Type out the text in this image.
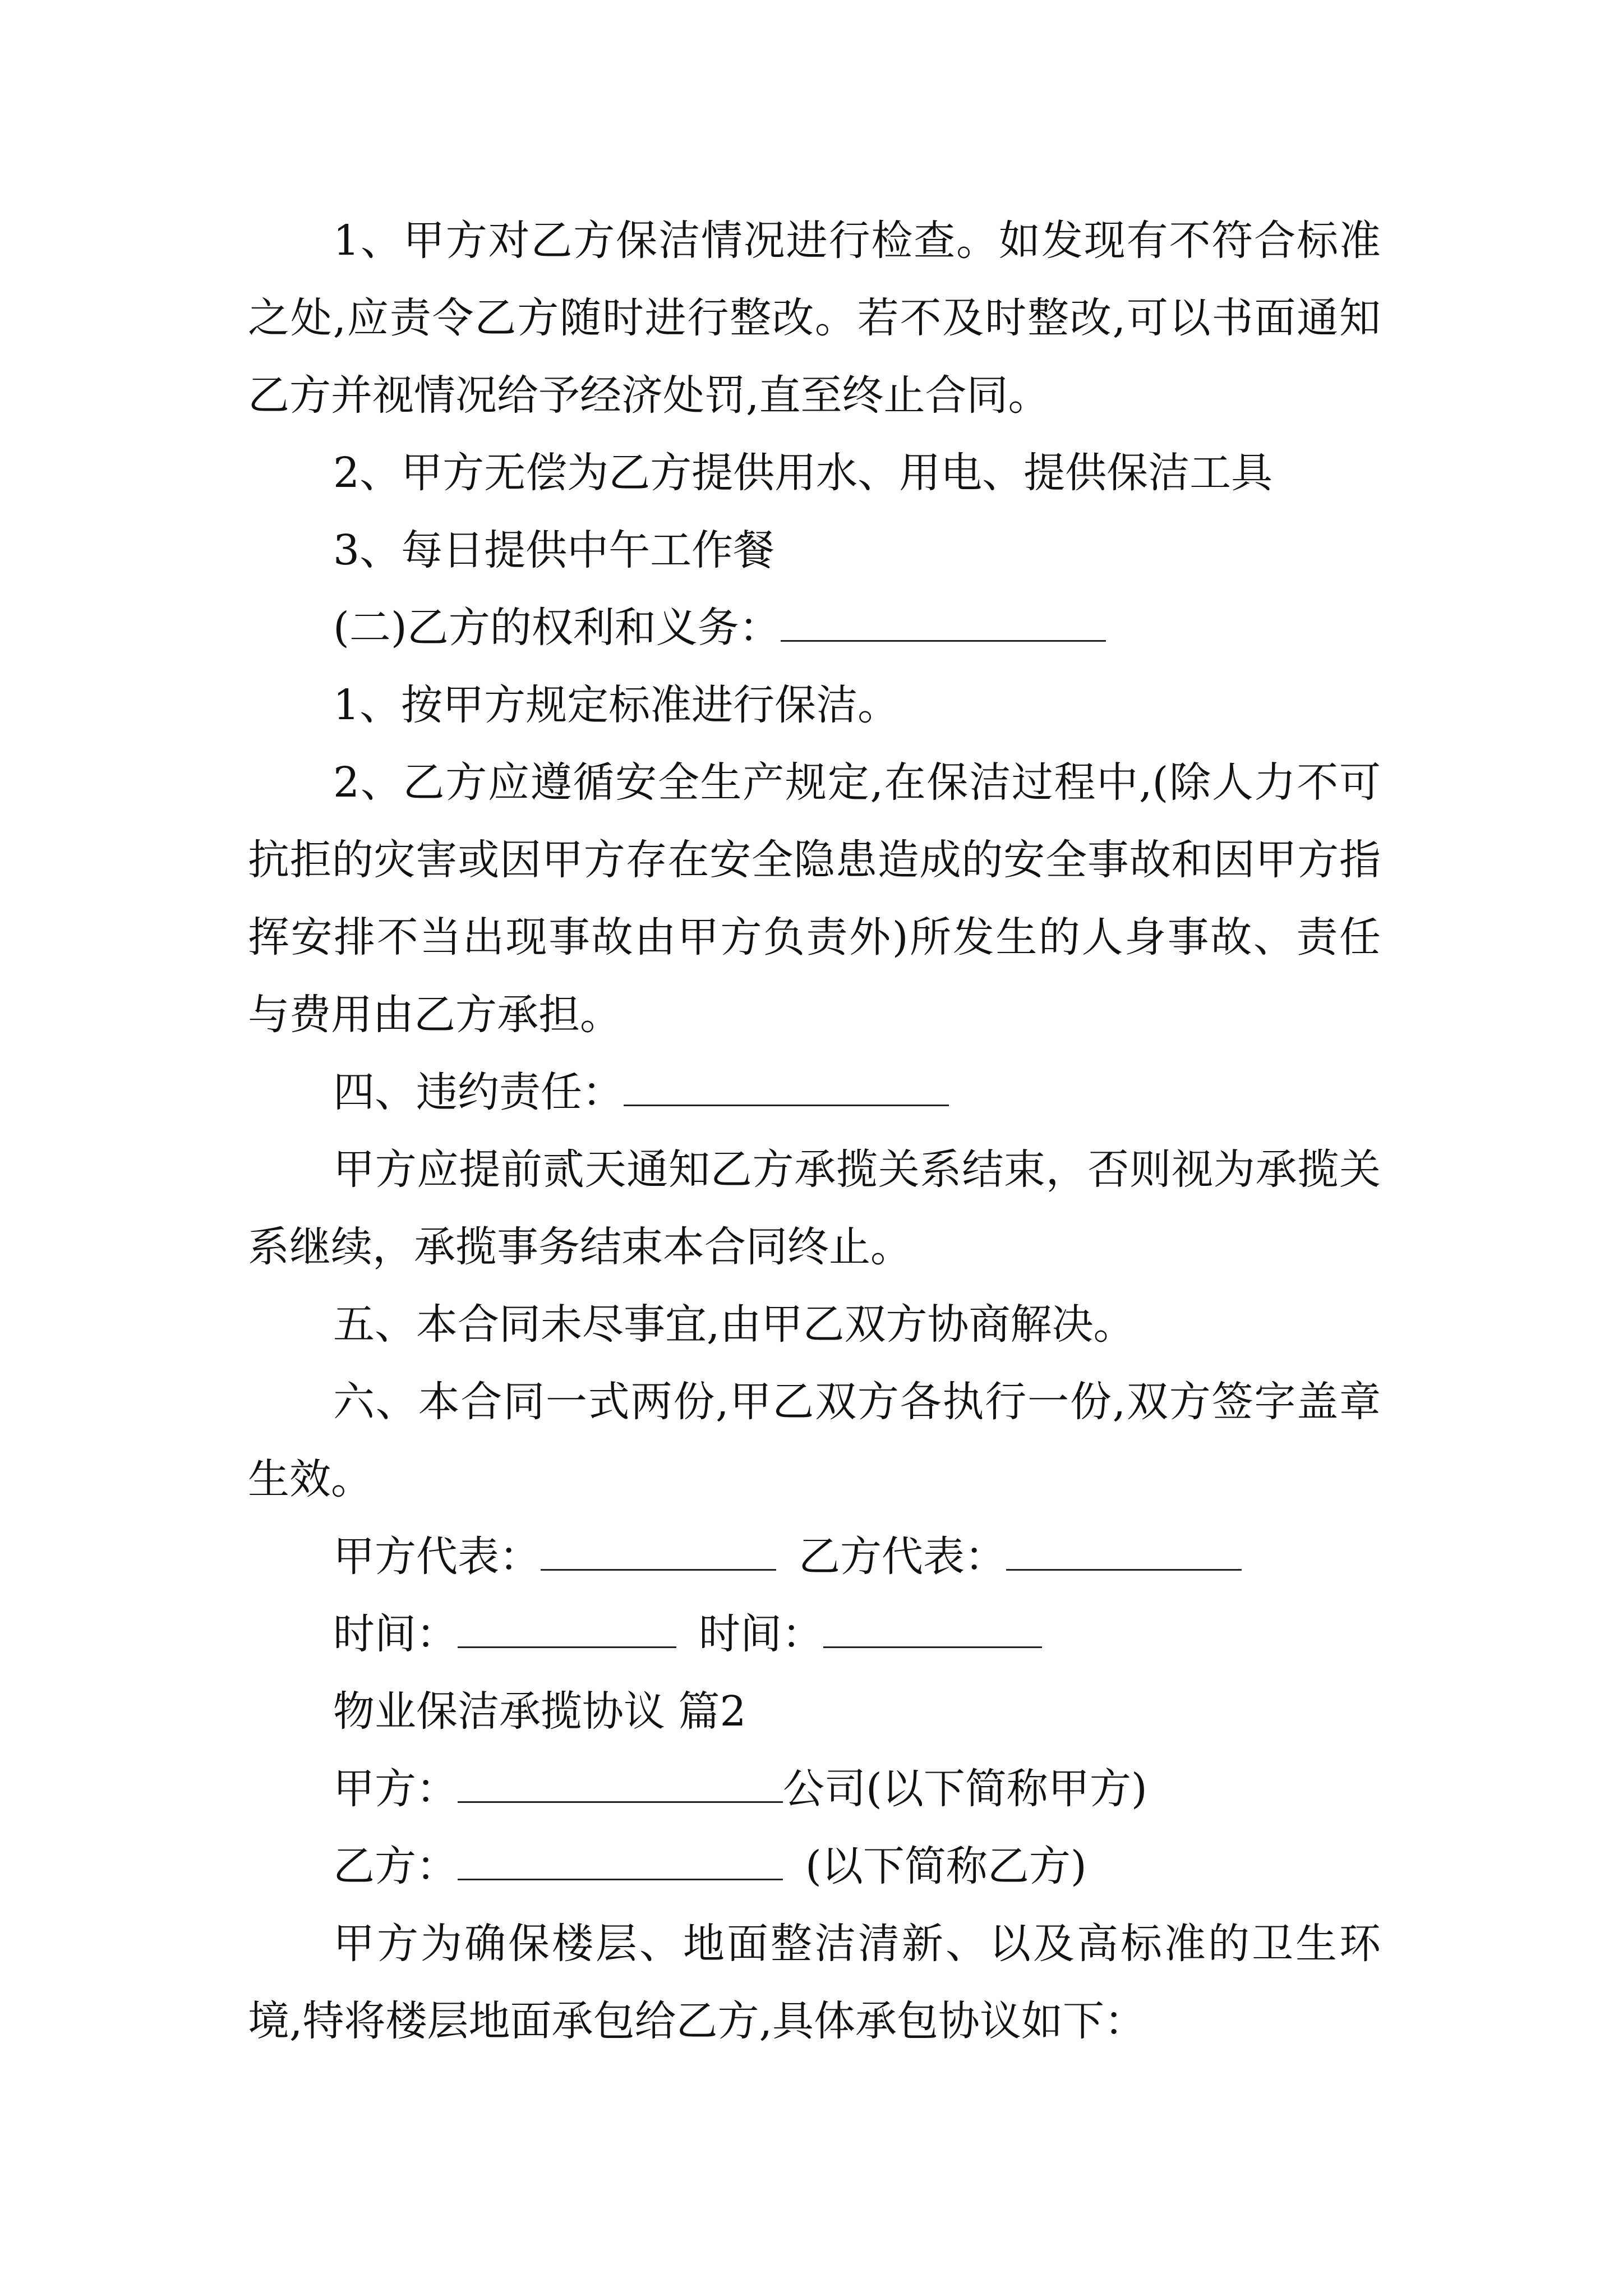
1、甲方对乙方保洁情况进行检查。如发现有不符合标准之处,应责令乙方随时进行整改。若不及时整改,可以书面通知乙方并视情况给予经济处罚,直至终止合同。

2、甲方无偿为乙方提供用水、用电、提供保洁工具

3、每日提供中午工作餐

(二)乙方的权利和义务：

1、按甲方规定标准进行保洁。

2、乙方应遵循安全生产规定,在保洁过程中,(除人力不可抗拒的灾害或因甲方存在安全隐患造成的安全事故和因甲方指挥安排不当出现事故由甲方负责外)所发生的人身事故、责任与费用由乙方承担。

四、违约责任：

甲方应提前贰天通知乙方承揽关系结束，否则视为承揽关系继续，承揽事务结束本合同终止。

五、本合同未尽事宜,由甲乙双方协商解决。

六、本合同一式两份,甲乙双方各执行一份,双方签字盖章生效。

甲方代表：	乙方代表：

时间：	时间：

物业保洁承揽协议 篇2

甲方：	公司(以下简称甲方)

乙方：	(以下简称乙方)

甲方为确保楼层、地面整洁清新、以及高标准的卫生环境,特将楼层地面承包给乙方,具体承包协议如下：
